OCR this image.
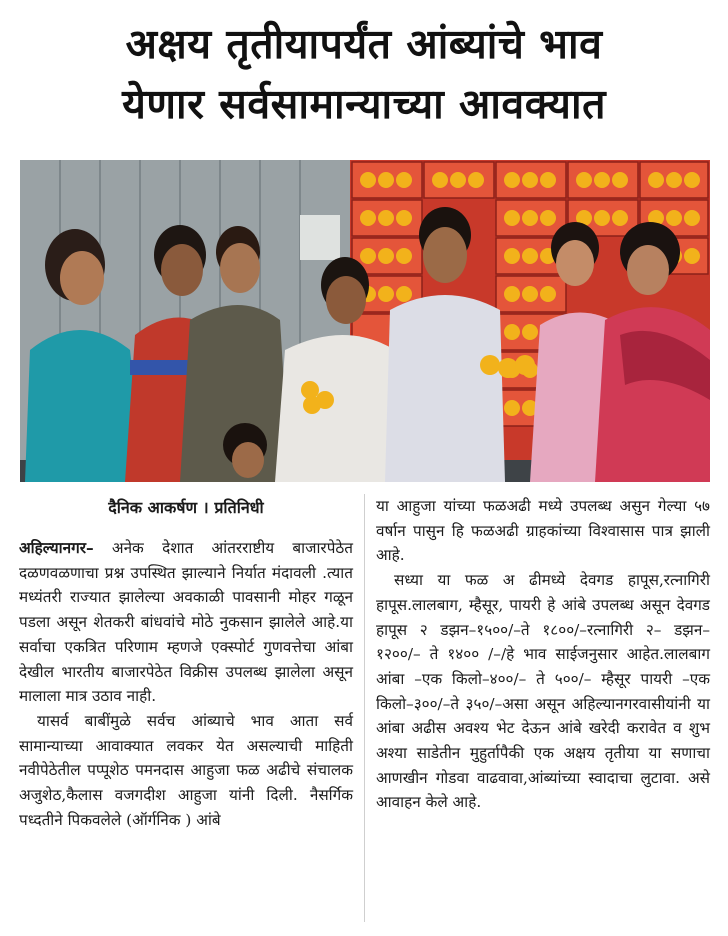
अक्षय तृतीयापर्यंत आंब्यांचे भाव
येणार सर्वसामान्याच्या आवक्यात
दैनिक आकर्षण । प्रतिनिधी

अहिल्यानगर– अनेक देशात आंतरराष्टीय बाजारपेठेत दळणवळणाचा प्रश्न उपस्थित झाल्याने निर्यात मंदावली .त्यात मध्यंतरी राज्यात झालेल्या अवकाळी पावसानी मोहर गळून पडला असून शेतकरी बांधवांचे मोठे नुकसान झालेले आहे.या सर्वाचा एकत्रित परिणाम म्हणजे एक्स्पोर्ट गुणवत्तेचा आंबा देखील भारतीय बाजारपेठेत विक्रीस उपलब्ध झालेला असून मालाला मात्र उठाव नाही.

यासर्व बाबींमुळे सर्वच आंब्याचे भाव आता सर्व सामान्याच्या आवाक्यात लवकर येत असल्याची माहिती नवीपेठेतील पप्पूशेठ पमनदास आहुजा फळ अढीचे संचालक अजुशेठ,कैलास वजगदीश आहुजा यांनी दिली. नैसर्गिक पध्दतीने पिकवलेले (ऑर्गनिक ) आंबे

या आहुजा यांच्या फळअढी मध्ये उपलब्ध असुन गेल्या ५७ वर्षान पासुन हि फळअढी ग्राहकांच्या विश्वासास पात्र झाली आहे.

सध्या या फळ अ ढीमध्ये देवगड हापूस,रत्नागिरी हापूस.लालबाग, म्हैसूर, पायरी हे आंबे उपलब्ध असून देवगड हापूस २ डझन–१५००/–ते १८००/–रत्नागिरी २– डझन–१२००/– ते १४०० /–/हे भाव साईजनुसार आहेत.लालबाग आंबा –एक किलो–४००/– ते ५००/– म्हैसूर पायरी –एक किलो–३००/–ते ३५०/–असा असून अहिल्यानगरवासीयांनी या आंबा अढीस अवश्य भेट देऊन आंबे खरेदी करावेत व शुभ अश्या साडेतीन मुहुर्तापैकी एक अक्षय तृतीया या सणाचा आणखीन गोडवा वाढवावा,आंब्यांच्या स्वादाचा लुटावा. असे आवाहन केले आहे.
